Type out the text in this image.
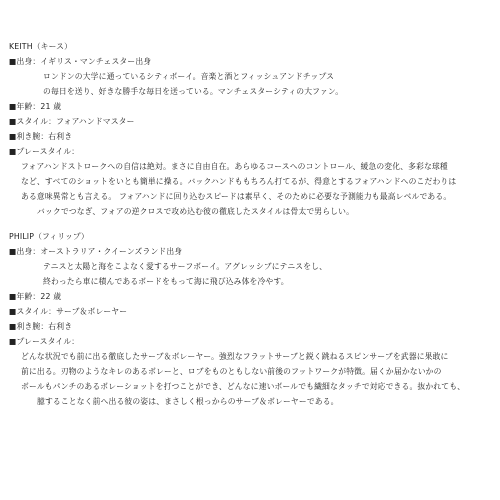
KEITH（キース）
■出身：イギリス・マンチェスター出身
ロンドンの大学に通っているシティボーイ。音楽と酒とフィッシュアンドチップス
の毎日を送り、好きな勝手な毎日を送っている。マンチェスターシティの大ファン。
■年齢：21 歳
■スタイル：フォアハンドマスター
■利き腕：右利き
■プレースタイル：
フォアハンドストロークへの自信は絶対。まさに自由自在。あらゆるコースへのコントロール、緩急の変化、多彩な球種
など、すべてのショットをいとも簡単に操る。バックハンドももちろん打てるが、得意とするフォアハンドへのこだわりは
ある意味異常とも言える。 フォアハンドに回り込むスピードは素早く、そのために必要な予測能力も最高レベルである。
バックでつなぎ、フォアの逆クロスで攻め込む彼の徹底したスタイルは骨太で男らしい。
PHILIP（フィリップ）
■出身：オーストラリア・クイーンズランド出身
テニスと太陽と海をこよなく愛するサーフボーイ。アグレッシブにテニスをし、
終わったら車に積んであるボードをもって海に飛び込み体を冷やす。
■年齢：22 歳
■スタイル：サーブ＆ボレーヤー
■利き腕：右利き
■プレースタイル：
どんな状況でも前に出る徹底したサーブ＆ボレーヤー。強烈なフラットサーブと鋭く跳ねるスピンサーブを武器に果敢に
前に出る。刃物のようなキレのあるボレーと、ロブをものともしない前後のフットワークが特徴。届くか届かないかの
ボールもパンチのあるボレーショットを打つことができ、どんなに速いボールでも繊細なタッチで対応できる。抜かれても、
臆することなく前へ出る彼の姿は、まさしく根っからのサーブ＆ボレーヤーである。
